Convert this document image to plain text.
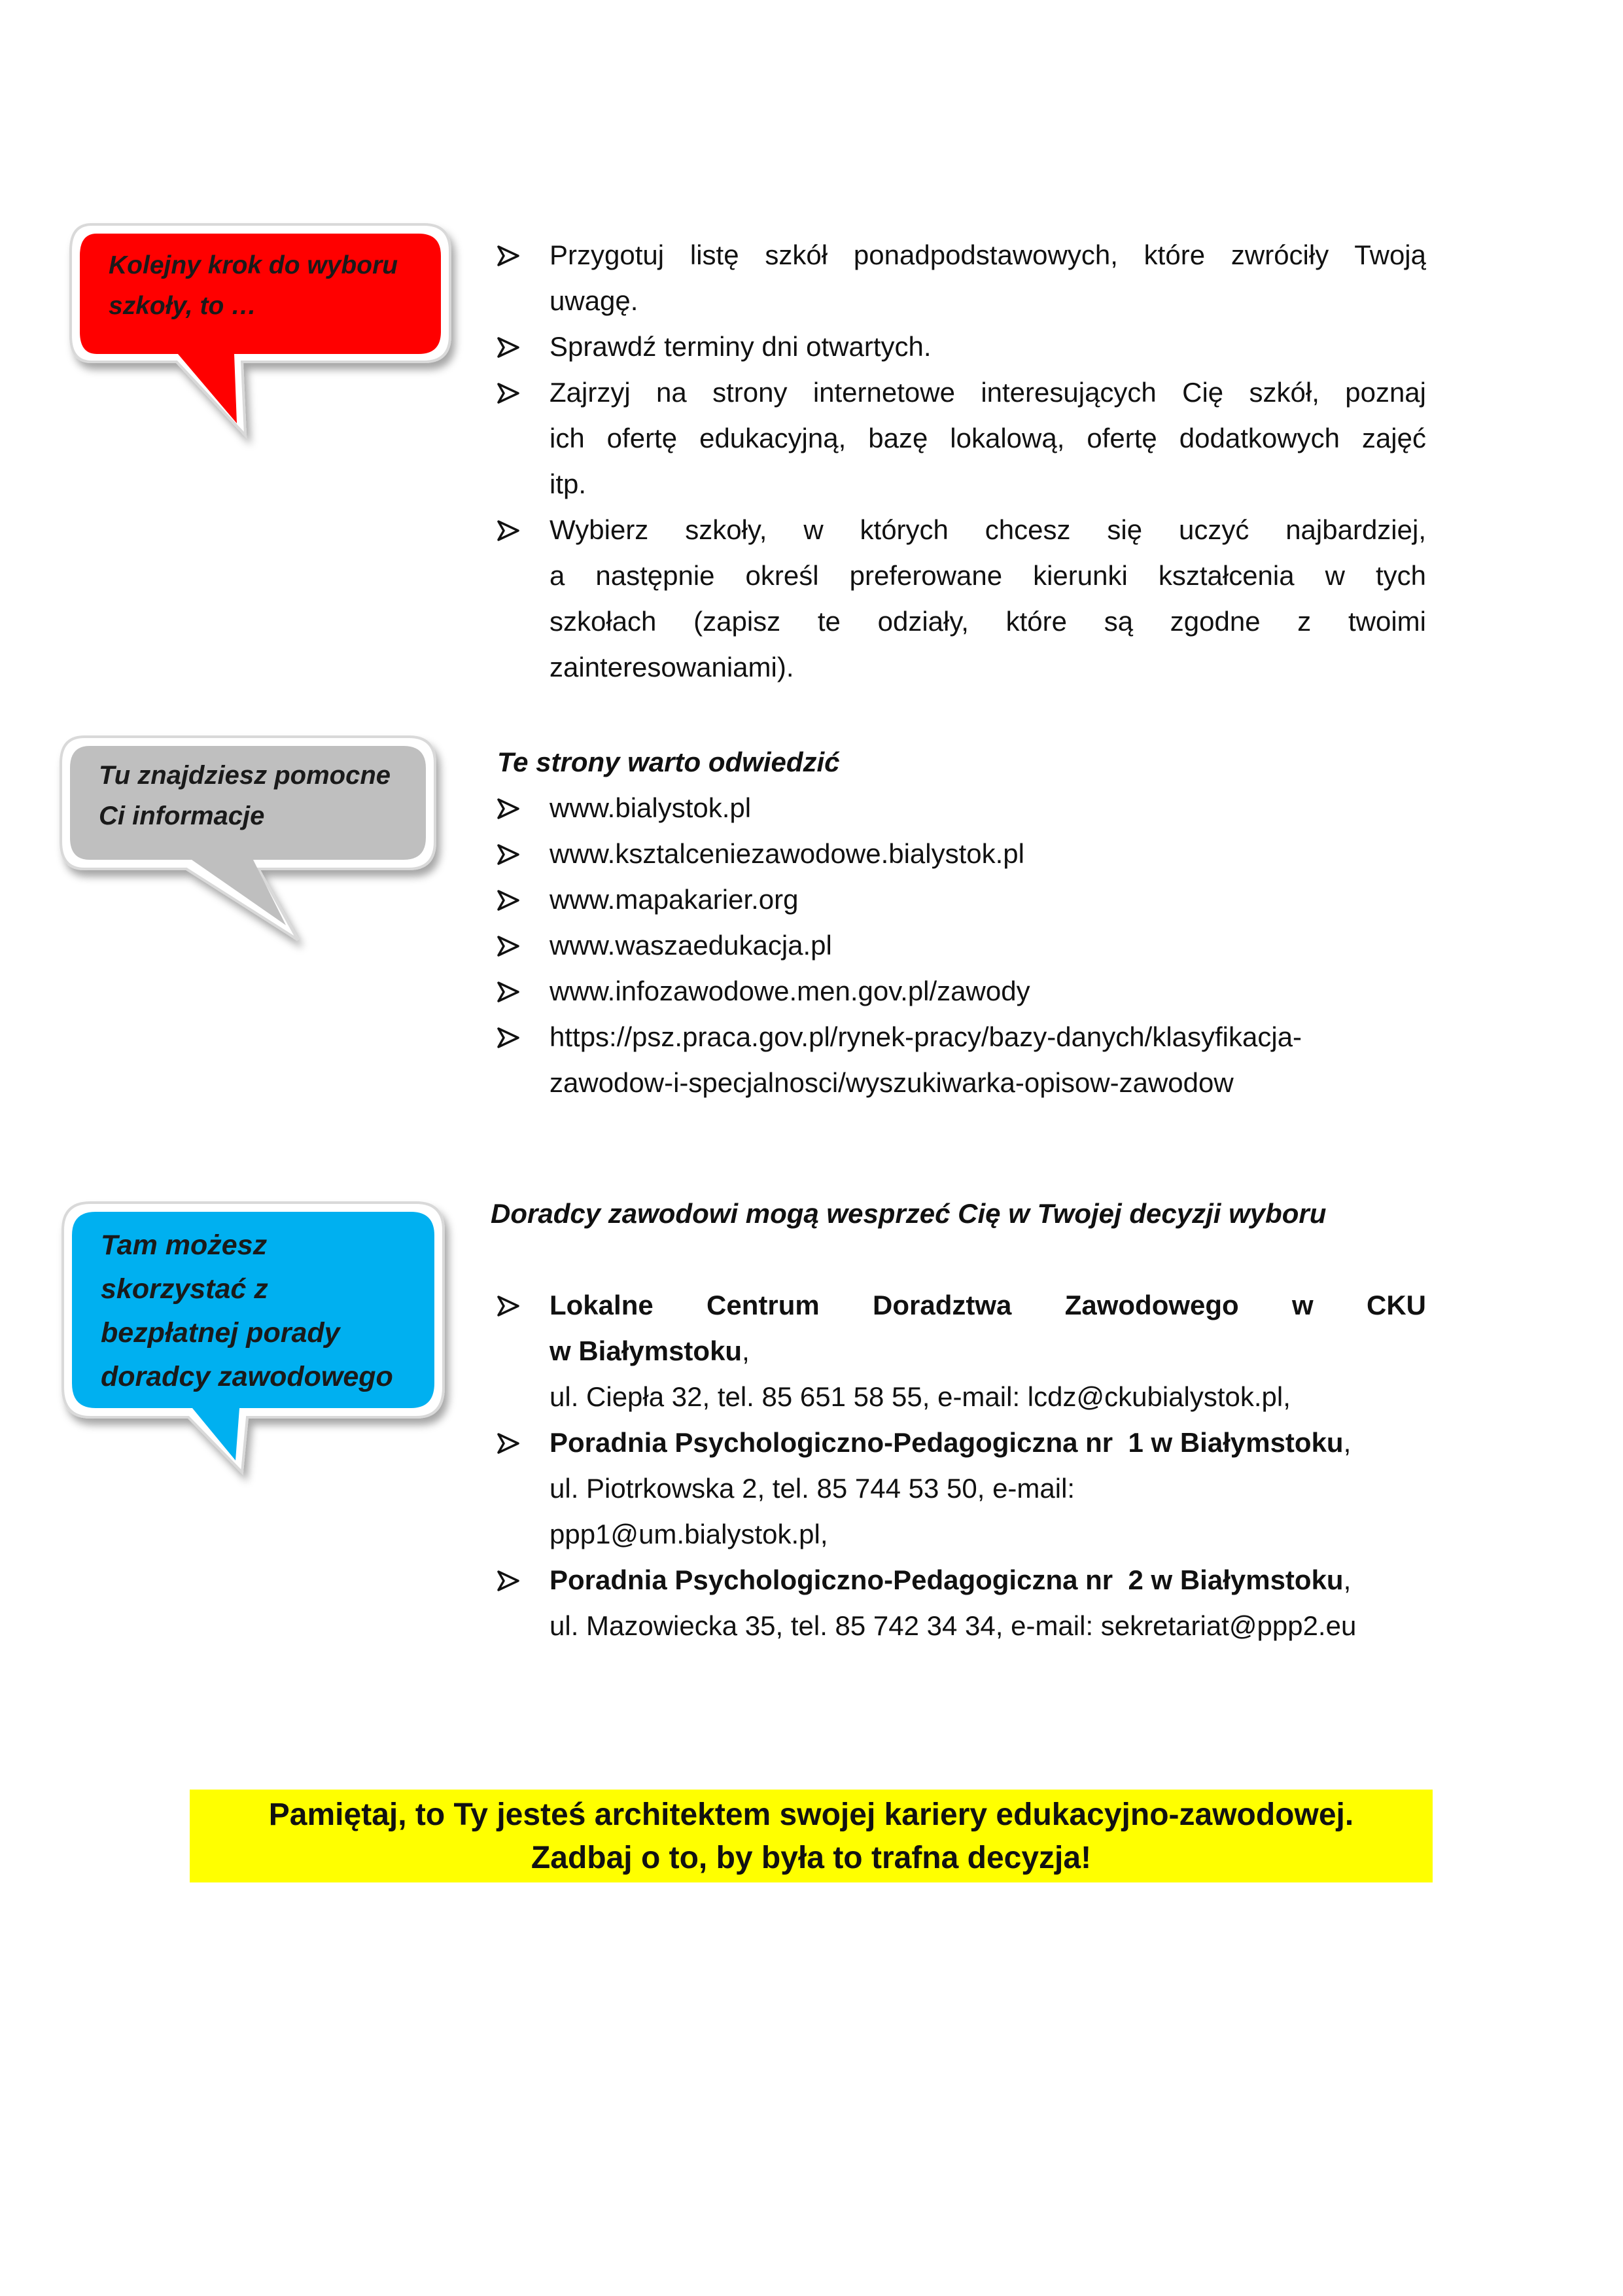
Kolejny krok do wyboru
szkoły, to …
Tu znajdziesz pomocne
Ci informacje
Tam możesz
skorzystać z
bezpłatnej porady
doradcy zawodowego
Przygotuj listę szkół ponadpodstawowych, które zwróciły Twoją
uwagę.
Sprawdź terminy dni otwartych.
Zajrzyj na strony internetowe interesujących Cię szkół, poznaj
ich ofertę edukacyjną, bazę lokalową, ofertę dodatkowych zajęć
itp.
Wybierz szkoły, w których chcesz się uczyć najbardziej,
a następnie określ preferowane kierunki kształcenia w tych
szkołach (zapisz te odziały, które są zgodne z twoimi
zainteresowaniami).
Te strony warto odwiedzić
www.bialystok.pl
www.ksztalceniezawodowe.bialystok.pl
www.mapakarier.org
www.waszaedukacja.pl
www.infozawodowe.men.gov.pl/zawody
https://psz.praca.gov.pl/rynek-pracy/bazy-danych/klasyfikacja-
zawodow-i-specjalnosci/wyszukiwarka-opisow-zawodow
Doradcy zawodowi mogą wesprzeć Cię w Twojej decyzji wyboru
Lokalne Centrum Doradztwa Zawodowego w CKU
w Białymstoku,
ul. Ciepła 32, tel. 85 651 58 55, e-mail: lcdz@ckubialystok.pl,
Poradnia Psychologiczno-Pedagogiczna nr  1 w Białymstoku,
ul. Piotrkowska 2, tel. 85 744 53 50, e-mail:
ppp1@um.bialystok.pl,
Poradnia Psychologiczno-Pedagogiczna nr  2 w Białymstoku,
ul. Mazowiecka 35, tel. 85 742 34 34, e-mail: sekretariat@ppp2.eu
Pamiętaj, to Ty jesteś architektem swojej kariery edukacyjno-zawodowej.
Zadbaj o to, by była to trafna decyzja!
